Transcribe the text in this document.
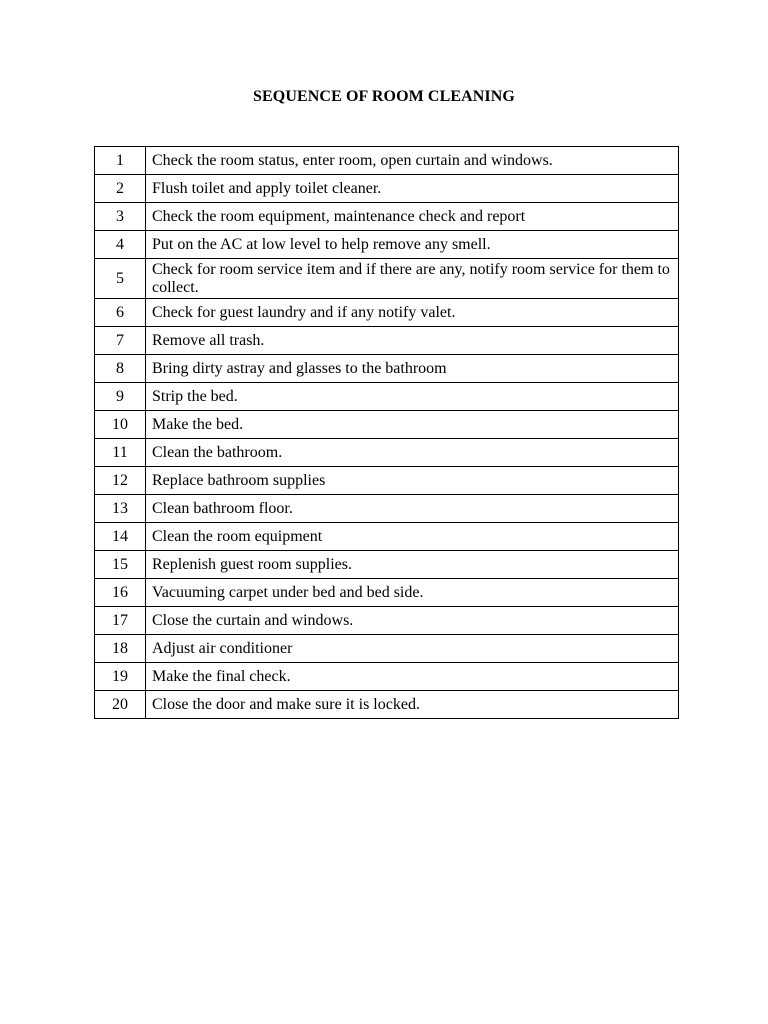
SEQUENCE OF ROOM CLEANING
1	Check the room status, enter room, open curtain and windows.
2	Flush toilet and apply toilet cleaner.
3	Check the room equipment, maintenance check and report
4	Put on the AC at low level to help remove any smell.
5	Check for room service item and if there are any, notify room service for them to collect.
6	Check for guest laundry and if any notify valet.
7	Remove all trash.
8	Bring dirty astray and glasses to the bathroom
9	Strip the bed.
10	Make the bed.
11	Clean the bathroom.
12	Replace bathroom supplies
13	Clean bathroom floor.
14	Clean the room equipment
15	Replenish guest room supplies.
16	Vacuuming carpet under bed and bed side.
17	Close the curtain and windows.
18	Adjust air conditioner
19	Make the final check.
20	Close the door and make sure it is locked.
